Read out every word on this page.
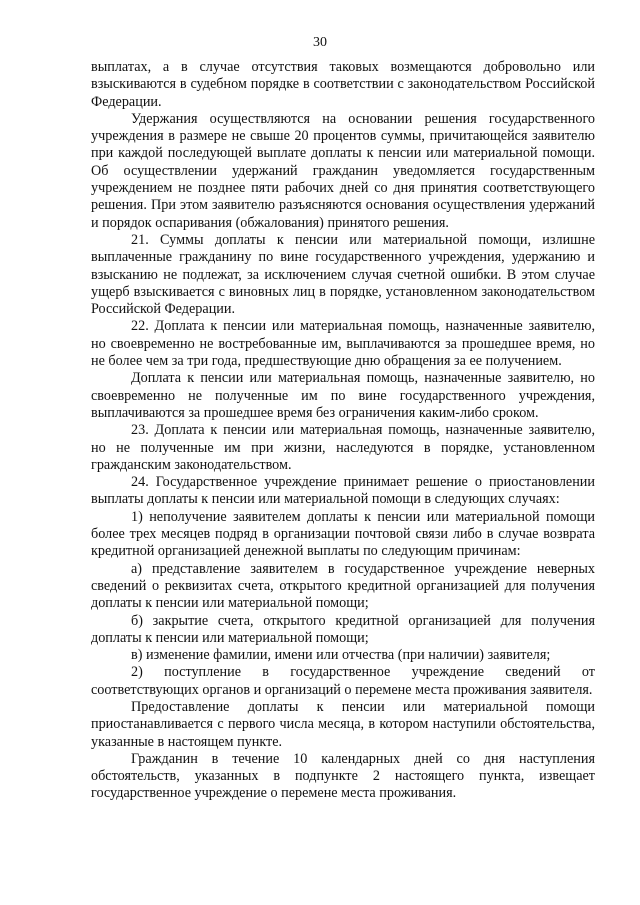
30

выплатах, а в случае отсутствия таковых возмещаются добровольно или взыскиваются в судебном порядке в соответствии с законодательством Российской Федерации.

Удержания осуществляются на основании решения государственного учреждения в размере не свыше 20 процентов суммы, причитающейся заявителю при каждой последующей выплате доплаты к пенсии или материальной помощи. Об осуществлении удержаний гражданин уведомляется государственным учреждением не позднее пяти рабочих дней со дня принятия соответствующего решения. При этом заявителю разъясняются основания осуществления удержаний и порядок оспаривания (обжалования) принятого решения.

21. Суммы доплаты к пенсии или материальной помощи, излишне выплаченные гражданину по вине государственного учреждения, удержанию и взысканию не подлежат, за исключением случая счетной ошибки. В этом случае ущерб взыскивается с виновных лиц в порядке, установленном законодательством Российской Федерации.

22. Доплата к пенсии или материальная помощь, назначенные заявителю, но своевременно не востребованные им, выплачиваются за прошедшее время, но не более чем за три года, предшествующие дню обращения за ее получением.

Доплата к пенсии или материальная помощь, назначенные заявителю, но своевременно не полученные им по вине государственного учреждения, выплачиваются за прошедшее время без ограничения каким-либо сроком.

23. Доплата к пенсии или материальная помощь, назначенные заявителю, но не полученные им при жизни, наследуются в порядке, установленном гражданским законодательством.

24. Государственное учреждение принимает решение о приостановлении выплаты доплаты к пенсии или материальной помощи в следующих случаях:

1) неполучение заявителем доплаты к пенсии или материальной помощи более трех месяцев подряд в организации почтовой связи либо в случае возврата кредитной организацией денежной выплаты по следующим причинам:

а) представление заявителем в государственное учреждение неверных сведений о реквизитах счета, открытого кредитной организацией для получения доплаты к пенсии или материальной помощи;

б) закрытие счета, открытого кредитной организацией для получения доплаты к пенсии или материальной помощи;

в) изменение фамилии, имени или отчества (при наличии) заявителя;

2) поступление в государственное учреждение сведений от соответствующих органов и организаций о перемене места проживания заявителя.

Предоставление доплаты к пенсии или материальной помощи приостанавливается с первого числа месяца, в котором наступили обстоятельства, указанные в настоящем пункте.

Гражданин в течение 10 календарных дней со дня наступления обстоятельств, указанных в подпункте 2 настоящего пункта, извещает государственное учреждение о перемене места проживания.
